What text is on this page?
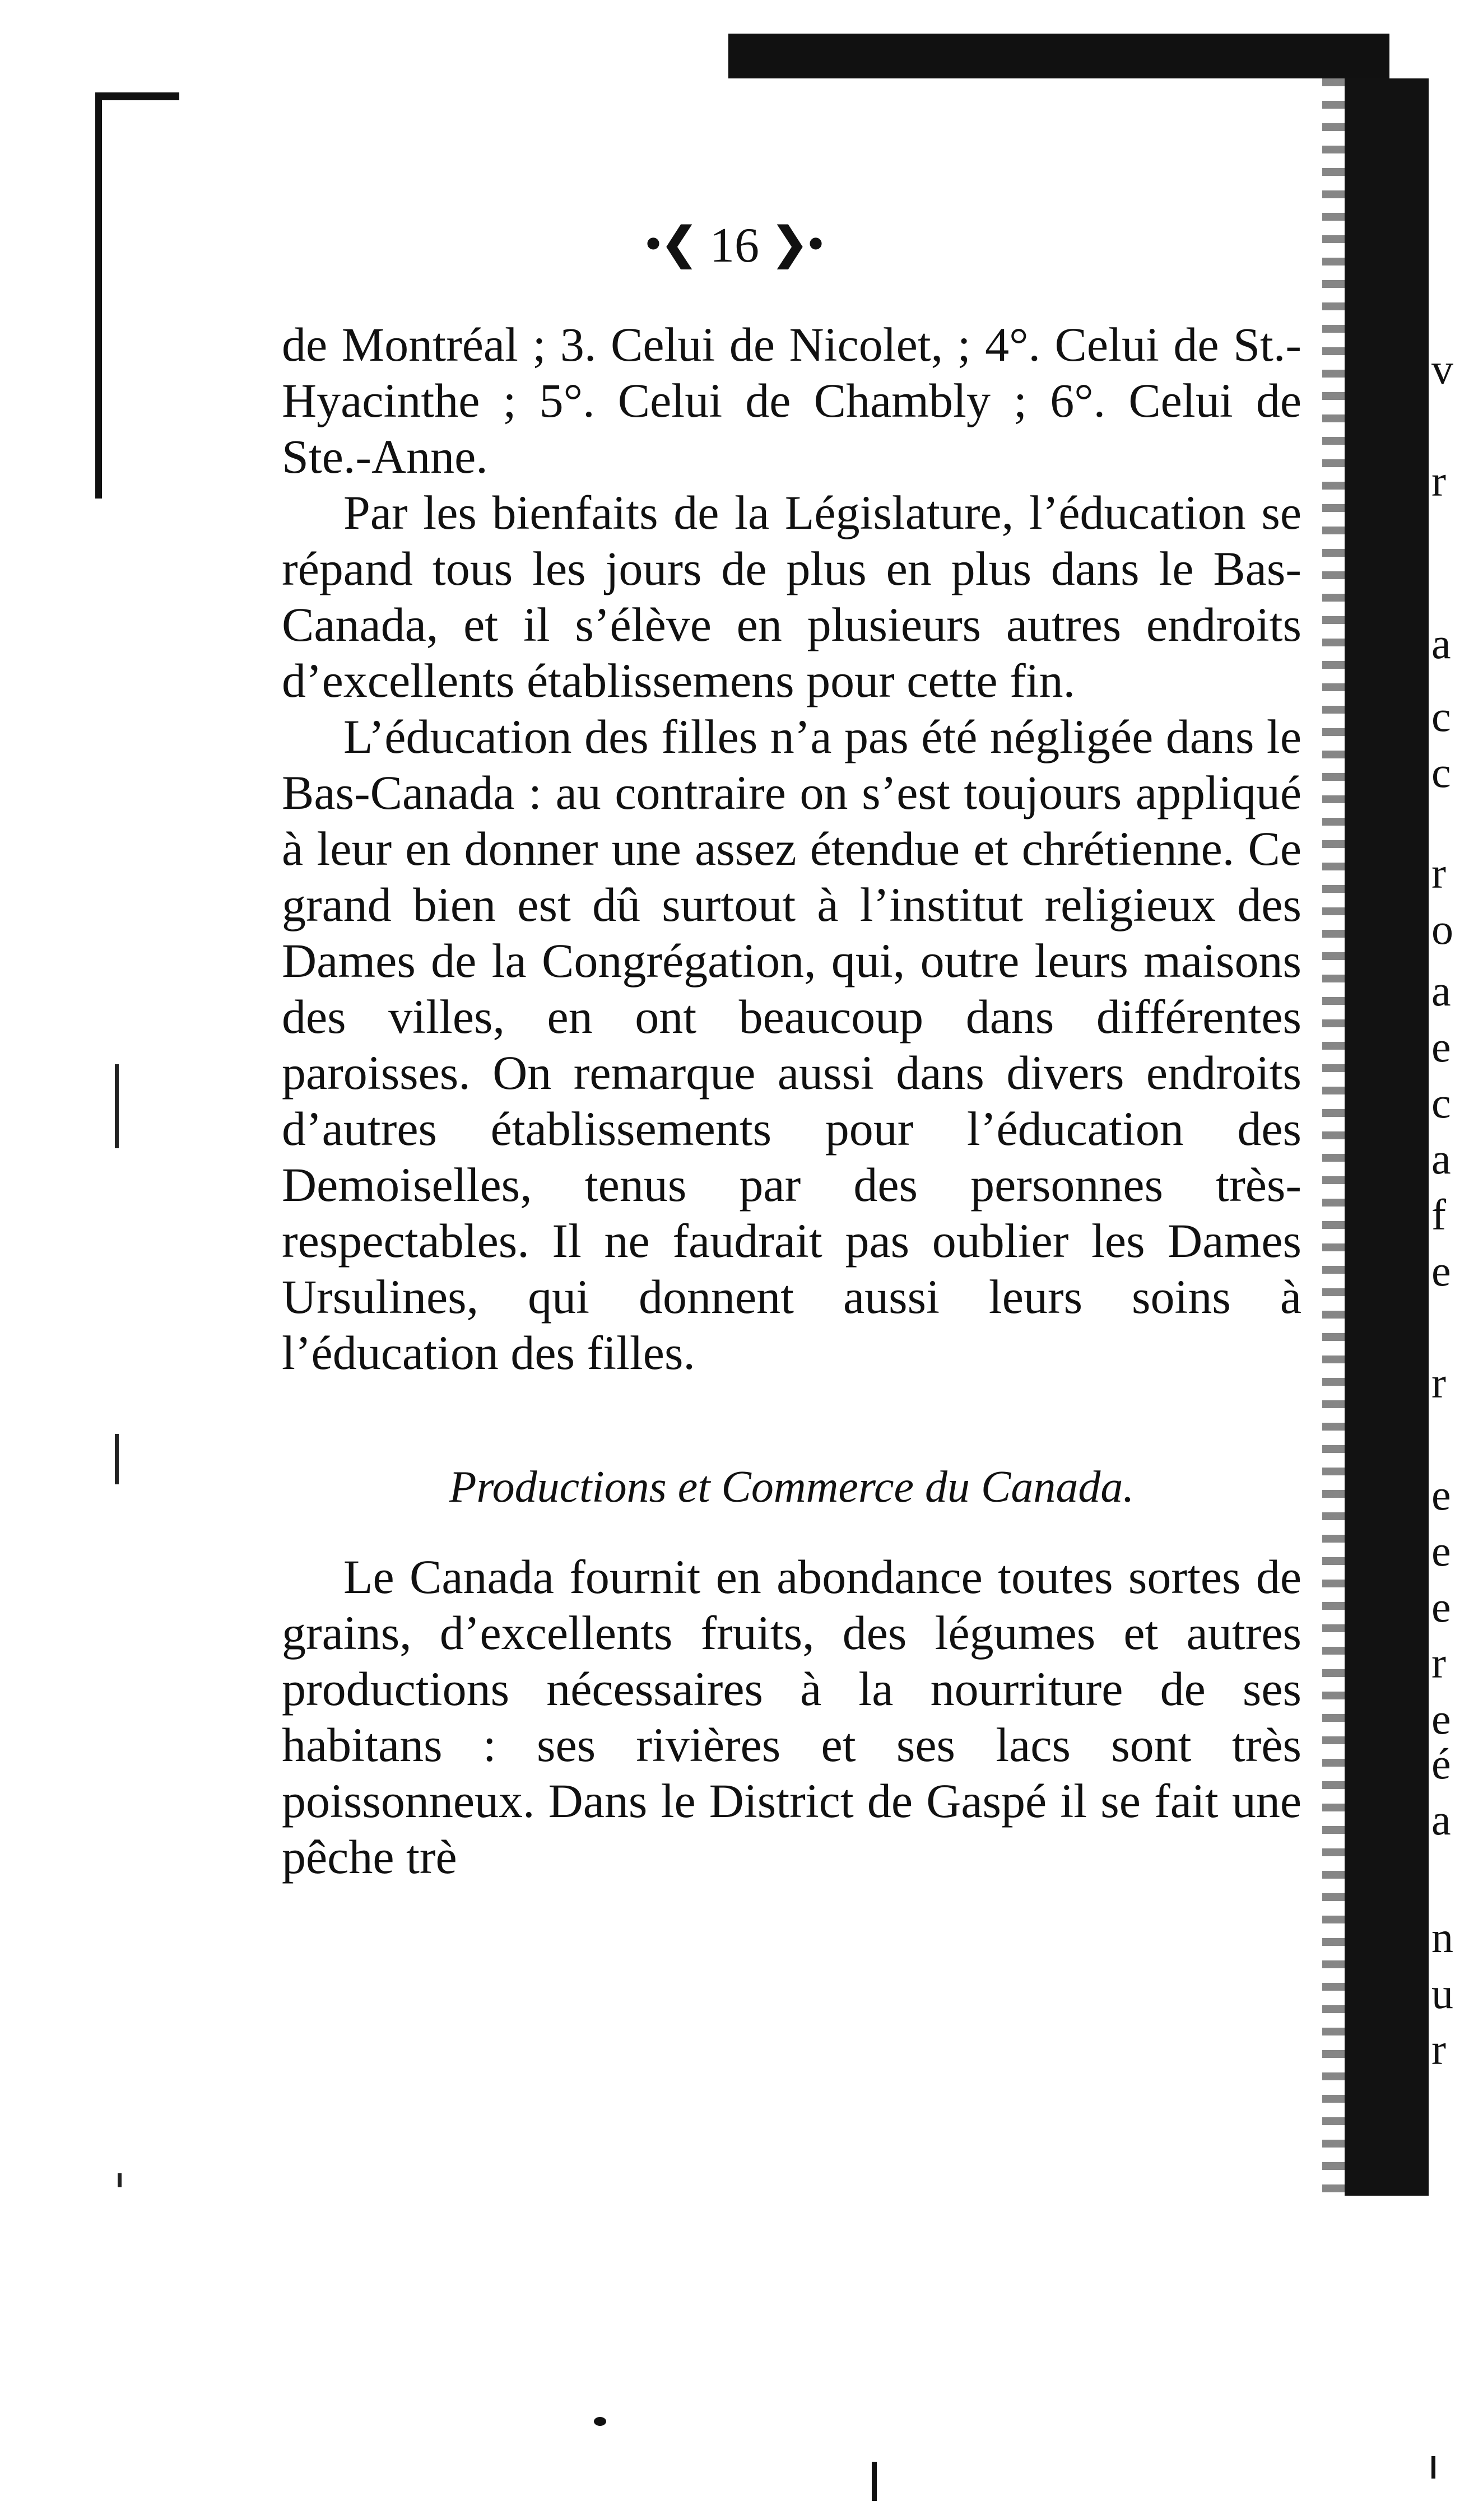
v
r
a
c
c
r
o
a
e
c
a
f
e
r
e
e
e
r
e
é
a
n
u
r
•❮ 16 ❯•

de Montréal ; 3. Celui de Nicolet, ; 4°. Celui de St.-Hyacinthe ; 5°. Celui de Chambly ; 6°. Celui de Ste.-Anne.

Par les bienfaits de la Législature, l’éducation se répand tous les jours de plus en plus dans le Bas-Canada, et il s’élève en plusieurs autres endroits d’excellents établissemens pour cette fin.

L’éducation des filles n’a pas été négligée dans le Bas-Canada : au contraire on s’est toujours appliqué à leur en donner une assez étendue et chrétienne. Ce grand bien est dû surtout à l’institut religieux des Dames de la Congrégation, qui, outre leurs maisons des villes, en ont beaucoup dans différentes paroisses. On remarque aussi dans divers endroits d’autres établissements pour l’éducation des Demoiselles, tenus par des personnes très-respectables. Il ne faudrait pas oublier les Dames Ursulines, qui donnent aussi leurs soins à l’éducation des filles.

Productions et Commerce du Canada.

Le Canada fournit en abondance toutes sortes de grains, d’excellents fruits, des légumes et autres productions nécessaires à la nourriture de ses habitans : ses rivières et ses lacs sont très poissonneux. Dans le District de Gaspé il se fait une pêche trè
